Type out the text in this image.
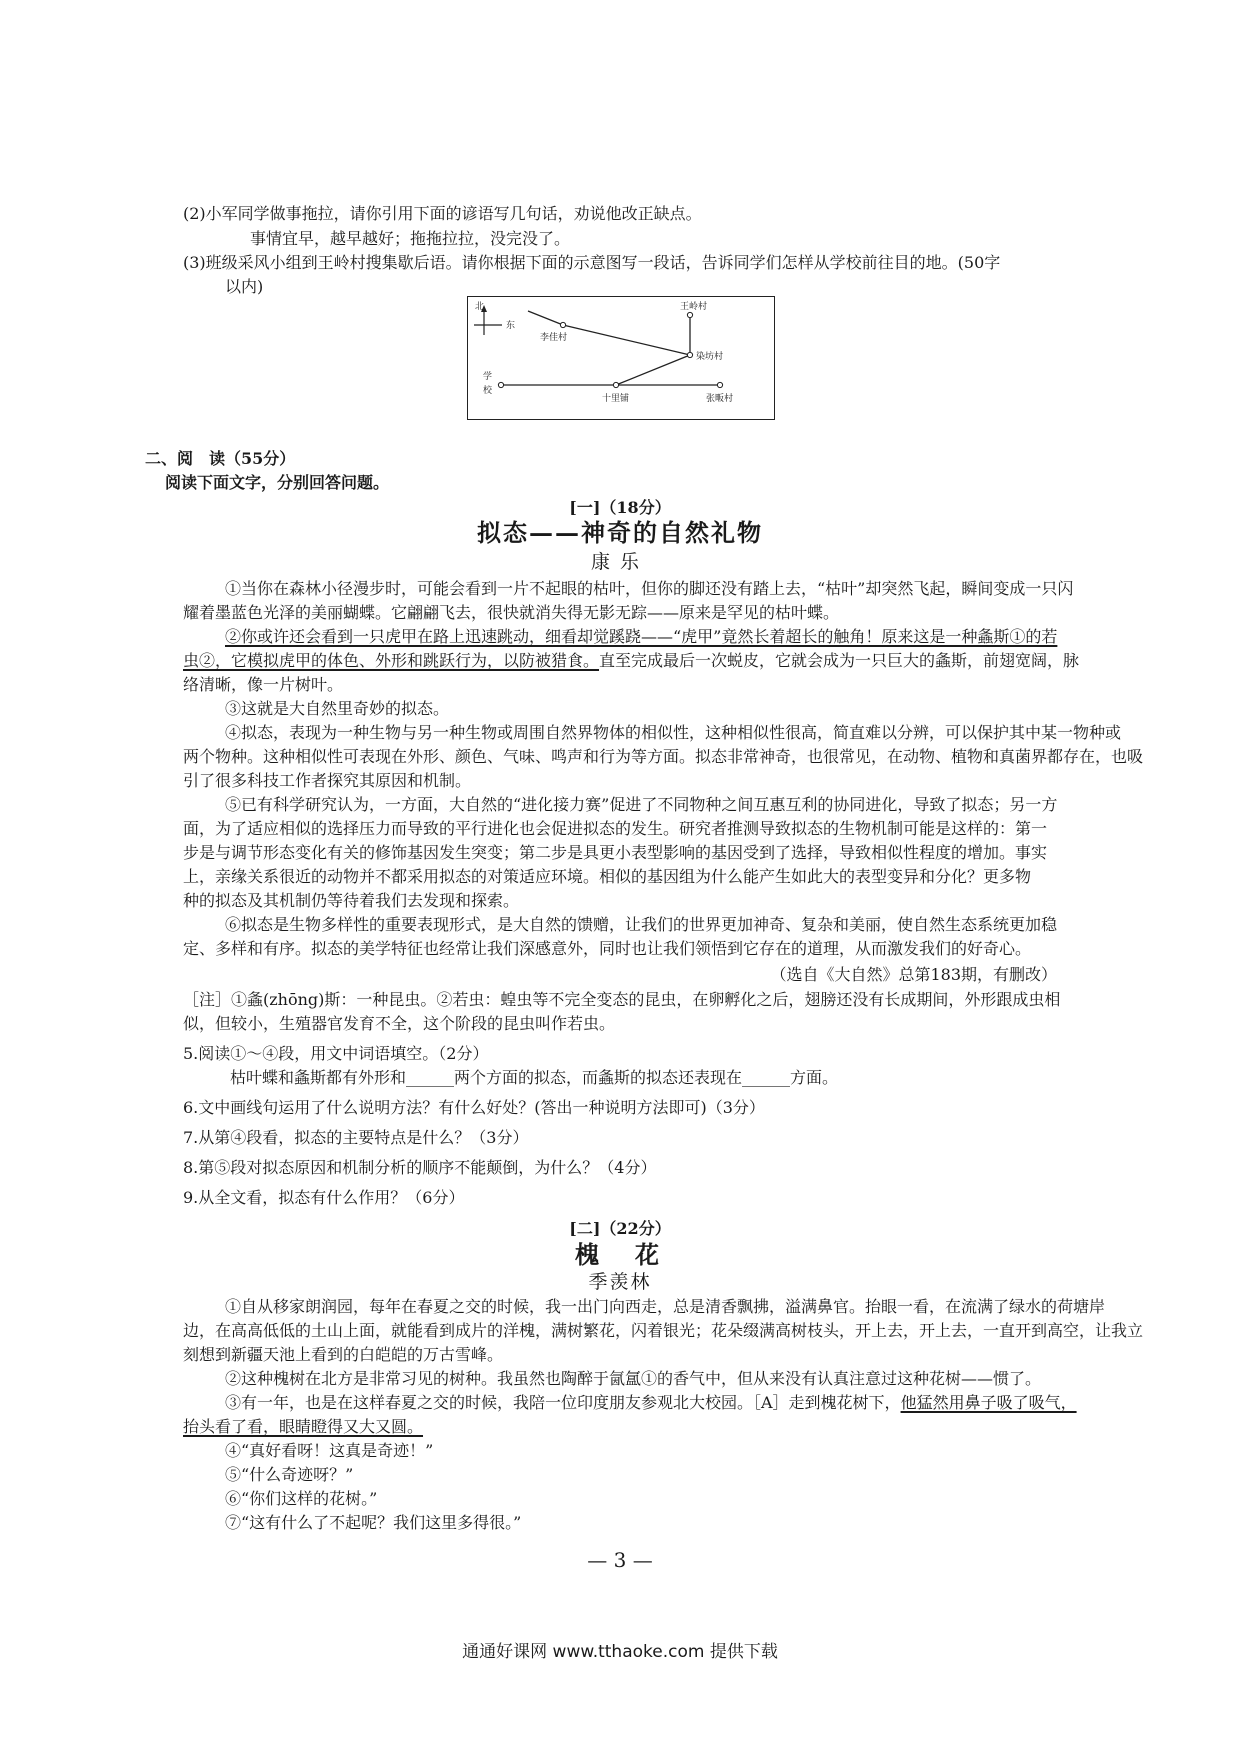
(2)小军同学做事拖拉，请你引用下面的谚语写几句话，劝说他改正缺点。
事情宜早，越早越好；拖拖拉拉，没完没了。
(3)班级采风小组到王岭村搜集歇后语。请你根据下面的示意图写一段话，告诉同学们怎样从学校前往目的地。(50字
以内)
北
东
李佳村
王岭村
染坊村
学
校
十里铺	张畈村
二、阅　读（55分）
阅读下面文字，分别回答问题。
[一]（18分）
拟态——神奇的自然礼物
康乐
①当你在森林小径漫步时，可能会看到一片不起眼的枯叶，但你的脚还没有踏上去，“枯叶”却突然飞起，瞬间变成一只闪
耀着墨蓝色光泽的美丽蝴蝶。它翩翩飞去，很快就消失得无影无踪——原来是罕见的枯叶蝶。
②你或许还会看到一只虎甲在路上迅速跳动，细看却觉蹊跷——“虎甲”竟然长着超长的触角！原来这是一种螽斯①的若
虫②，它模拟虎甲的体色、外形和跳跃行为，以防被猎食。直至完成最后一次蜕皮，它就会成为一只巨大的螽斯，前翅宽阔，脉
络清晰，像一片树叶。
③这就是大自然里奇妙的拟态。
④拟态，表现为一种生物与另一种生物或周围自然界物体的相似性，这种相似性很高，简直难以分辨，可以保护其中某一物种或
两个物种。这种相似性可表现在外形、颜色、气味、鸣声和行为等方面。拟态非常神奇，也很常见，在动物、植物和真菌界都存在，也吸
引了很多科技工作者探究其原因和机制。
⑤已有科学研究认为，一方面，大自然的“进化接力赛”促进了不同物种之间互惠互利的协同进化，导致了拟态；另一方
面，为了适应相似的选择压力而导致的平行进化也会促进拟态的发生。研究者推测导致拟态的生物机制可能是这样的：第一
步是与调节形态变化有关的修饰基因发生突变；第二步是具更小表型影响的基因受到了选择，导致相似性程度的增加。事实
上，亲缘关系很近的动物并不都采用拟态的对策适应环境。相似的基因组为什么能产生如此大的表型变异和分化？更多物
种的拟态及其机制仍等待着我们去发现和探索。
⑥拟态是生物多样性的重要表现形式，是大自然的馈赠，让我们的世界更加神奇、复杂和美丽，使自然生态系统更加稳
定、多样和有序。拟态的美学特征也经常让我们深感意外，同时也让我们领悟到它存在的道理，从而激发我们的好奇心。
（选自《大自然》总第183期，有删改）
［注］①螽(zhōng)斯：一种昆虫。②若虫：蝗虫等不完全变态的昆虫，在卵孵化之后，翅膀还没有长成期间，外形跟成虫相
似，但较小，生殖器官发育不全，这个阶段的昆虫叫作若虫。
5.阅读①～④段，用文中词语填空。（2分）
枯叶蝶和螽斯都有外形和______两个方面的拟态，而螽斯的拟态还表现在______方面。
6.文中画线句运用了什么说明方法？有什么好处？(答出一种说明方法即可)（3分）
7.从第④段看，拟态的主要特点是什么？（3分）
8.第⑤段对拟态原因和机制分析的顺序不能颠倒，为什么？（4分）
9.从全文看，拟态有什么作用？（6分）
[二]（22分）
槐　花
季羡林
①自从移家朗润园，每年在春夏之交的时候，我一出门向西走，总是清香飘拂，溢满鼻官。抬眼一看，在流满了绿水的荷塘岸
边，在高高低低的土山上面，就能看到成片的洋槐，满树繁花，闪着银光；花朵缀满高树枝头，开上去，开上去，一直开到高空，让我立
刻想到新疆天池上看到的白皑皑的万古雪峰。
②这种槐树在北方是非常习见的树种。我虽然也陶醉于氤氲①的香气中，但从来没有认真注意过这种花树——惯了。
③有一年，也是在这样春夏之交的时候，我陪一位印度朋友参观北大校园。［A］走到槐花树下，他猛然用鼻子吸了吸气，
抬头看了看，眼睛瞪得又大又圆。
④“真好看呀！这真是奇迹！”
⑤“什么奇迹呀？”
⑥“你们这样的花树。”
⑦“这有什么了不起呢？我们这里多得很。”
— 3 —
通通好课网 www.tthaoke.com 提供下载
